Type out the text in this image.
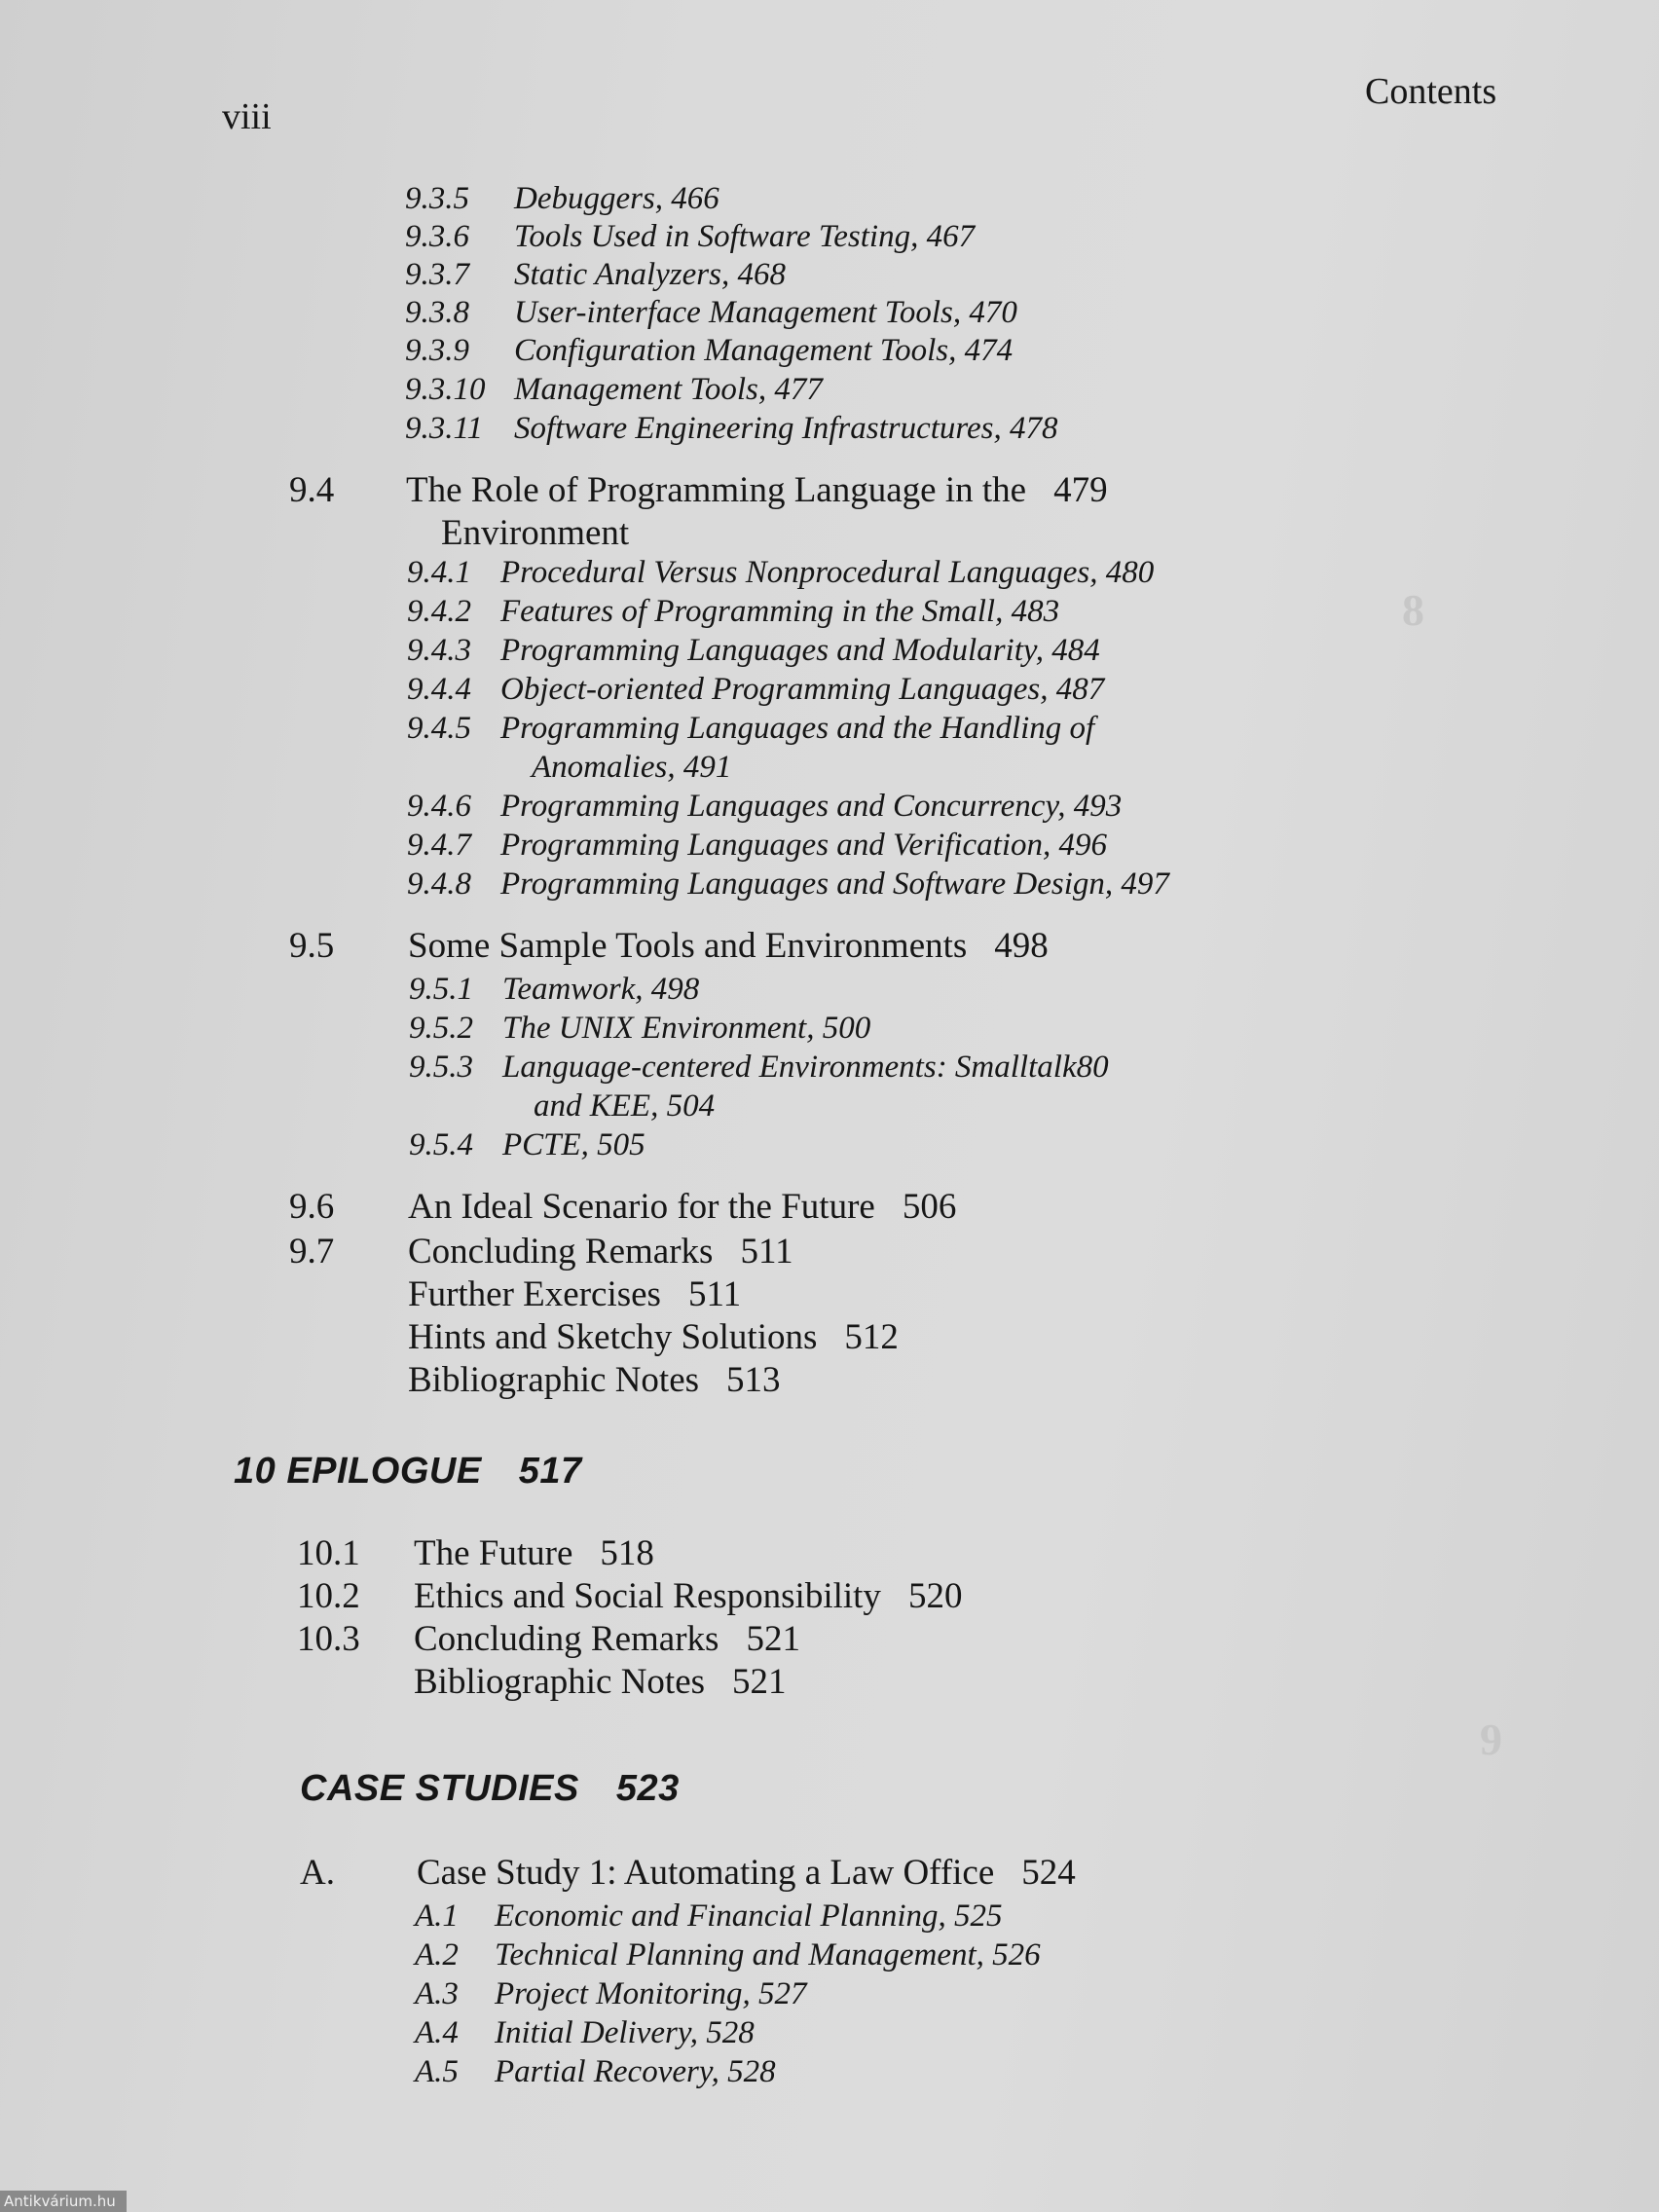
viii
Contents
8
9
9.3.5 Debuggers, 466
9.3.6 Tools Used in Software Testing, 467
9.3.7 Static Analyzers, 468
9.3.8 User-interface Management Tools, 470
9.3.9 Configuration Management Tools, 474
9.3.10 Management Tools, 477
9.3.11 Software Engineering Infrastructures, 478
9.4 The Role of Programming Language in the 479
Environment
9.4.1 Procedural Versus Nonprocedural Languages, 480
9.4.2 Features of Programming in the Small, 483
9.4.3 Programming Languages and Modularity, 484
9.4.4 Object-oriented Programming Languages, 487
9.4.5 Programming Languages and the Handling of
Anomalies, 491
9.4.6 Programming Languages and Concurrency, 493
9.4.7 Programming Languages and Verification, 496
9.4.8 Programming Languages and Software Design, 497
9.5 Some Sample Tools and Environments 498
9.5.1 Teamwork, 498
9.5.2 The UNIX Environment, 500
9.5.3 Language-centered Environments: Smalltalk80
and KEE, 504
9.5.4 PCTE, 505
9.6 An Ideal Scenario for the Future 506
9.7 Concluding Remarks 511
Further Exercises 511
Hints and Sketchy Solutions 512
Bibliographic Notes 513
10 EPILOGUE 517
10.1 The Future 518
10.2 Ethics and Social Responsibility 520
10.3 Concluding Remarks 521
Bibliographic Notes 521
CASE STUDIES 523
A. Case Study 1: Automating a Law Office 524
A.1 Economic and Financial Planning, 525
A.2 Technical Planning and Management, 526
A.3 Project Monitoring, 527
A.4 Initial Delivery, 528
A.5 Partial Recovery, 528
Antikvárium.hu
